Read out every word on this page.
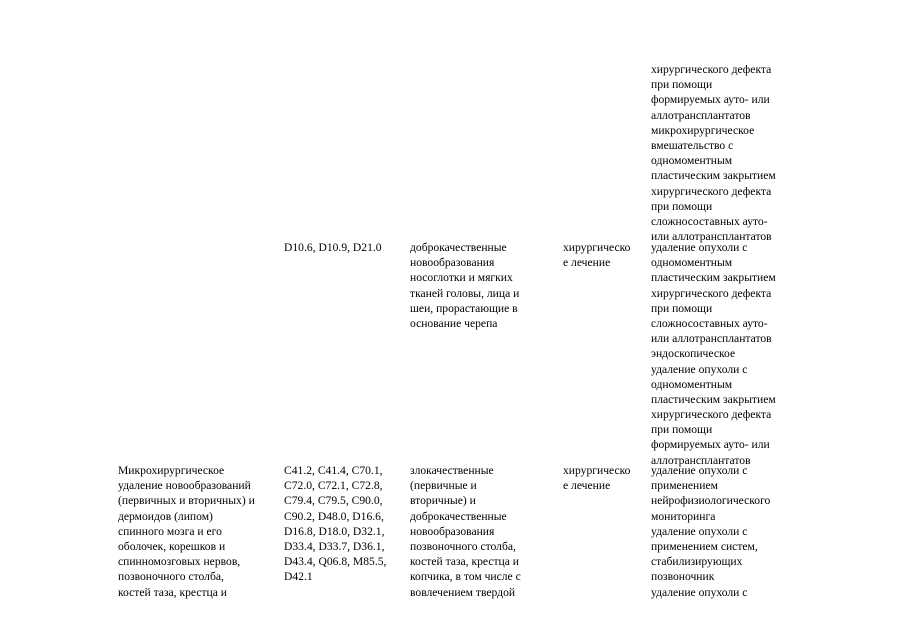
хирургического дефекта
при помощи
формируемых ауто- или
аллотрансплантатов
микрохирургическое
вмешательство с
одномоментным
пластическим закрытием
хирургического дефекта
при помощи
сложносоставных ауто-
или аллотрансплантатов
D10.6, D10.9, D21.0 доброкачественные
новообразования
носоглотки и мягких
тканей головы, лица и
шеи, прорастающие в
основание черепа
хирургическо
е лечение
удаление опухоли с
одномоментным
пластическим закрытием
хирургического дефекта
при помощи
сложносоставных ауто-
или аллотрансплантатов
эндоскопическое
удаление опухоли с
одномоментным
пластическим закрытием
хирургического дефекта
при помощи
формируемых ауто- или
аллотрансплантатов
Микрохирургическое
удаление новообразований
(первичных и вторичных) и
дермоидов (липом)
спинного мозга и его
оболочек, корешков и
спинномозговых нервов,
позвоночного столба,
костей таза, крестца и
C41.2, C41.4, C70.1,
C72.0, C72.1, C72.8,
C79.4, C79.5, C90.0,
C90.2, D48.0, D16.6,
D16.8, D18.0, D32.1,
D33.4, D33.7, D36.1,
D43.4, Q06.8, M85.5,
D42.1
злокачественные
(первичные и
вторичные) и
доброкачественные
новообразования
позвоночного столба,
костей таза, крестца и
копчика, в том числе с
вовлечением твердой
хирургическо
е лечение
удаление опухоли с
применением
нейрофизиологического
мониторинга
удаление опухоли с
применением систем,
стабилизирующих
позвоночник
удаление опухоли с
